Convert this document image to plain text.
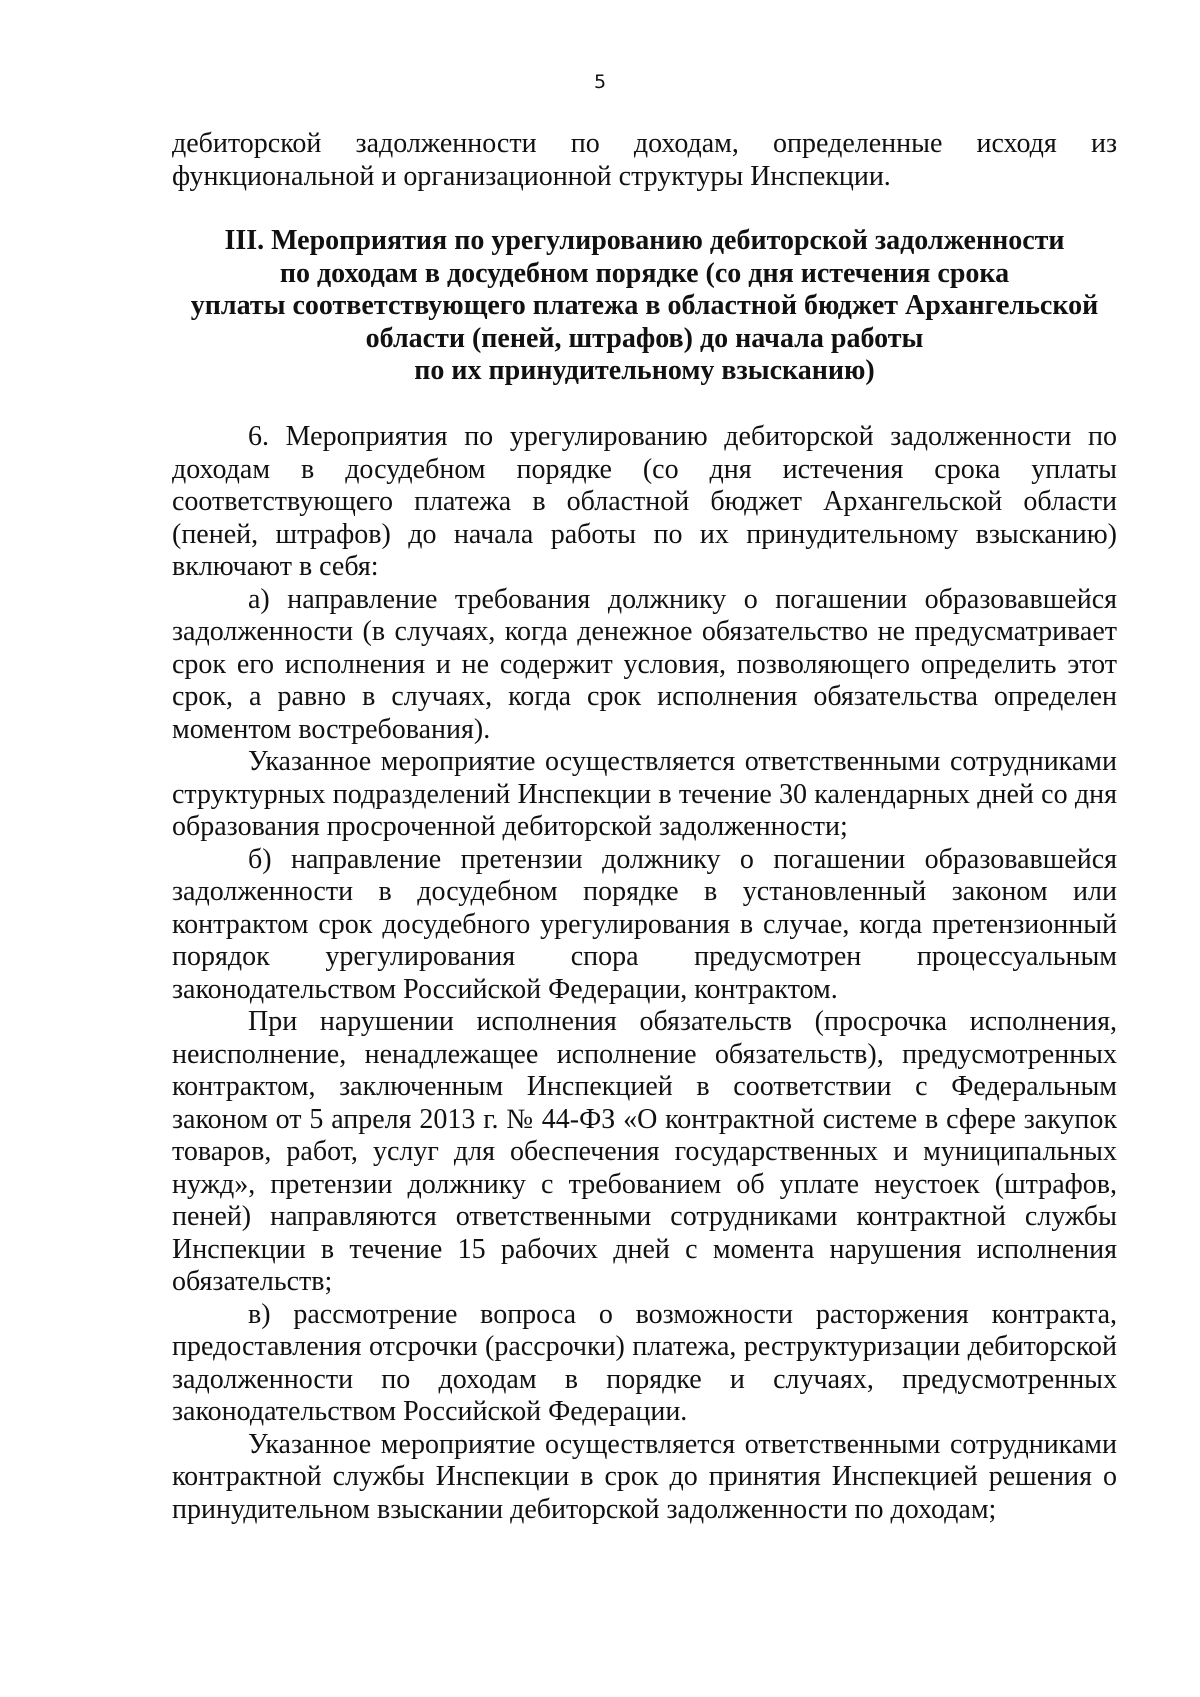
5

дебиторской задолженности по доходам, определенные исходя из функциональной и организационной структуры Инспекции.

III. Мероприятия по урегулированию дебиторской задолженности
по доходам в досудебном порядке (со дня истечения срока
уплаты соответствующего платежа в областной бюджет Архангельской
области (пеней, штрафов) до начала работы
по их принудительному взысканию)

6. Мероприятия по урегулированию дебиторской задолженности по доходам в досудебном порядке (со дня истечения срока уплаты соответствующего платежа в областной бюджет Архангельской области (пеней, штрафов) до начала работы по их принудительному взысканию) включают в себя:

а) направление требования должнику о погашении образовавшейся задолженности (в случаях, когда денежное обязательство не предусматривает срок его исполнения и не содержит условия, позволяющего определить этот срок, а равно в случаях, когда срок исполнения обязательства определен моментом востребования).

Указанное мероприятие осуществляется ответственными сотрудниками структурных подразделений Инспекции в течение 30 календарных дней со дня образования просроченной дебиторской задолженности;

б) направление претензии должнику о погашении образовавшейся задолженности в досудебном порядке в установленный законом или контрактом срок досудебного урегулирования в случае, когда претензионный порядок урегулирования спора предусмотрен процессуальным законодательством Российской Федерации, контрактом.

При нарушении исполнения обязательств (просрочка исполнения, неисполнение, ненадлежащее исполнение обязательств), предусмотренных контрактом, заключенным Инспекцией в соответствии с Федеральным законом от 5 апреля 2013 г. № 44-ФЗ «О контрактной системе в сфере закупок товаров, работ, услуг для обеспечения государственных и муниципальных нужд», претензии должнику с требованием об уплате неустоек (штрафов, пеней) направляются ответственными сотрудниками контрактной службы Инспекции в течение 15 рабочих дней с момента нарушения исполнения обязательств;

в) рассмотрение вопроса о возможности расторжения контракта, предоставления отсрочки (рассрочки) платежа, реструктуризации дебиторской задолженности по доходам в порядке и случаях, предусмотренных законодательством Российской Федерации.

Указанное мероприятие осуществляется ответственными сотрудниками контрактной службы Инспекции в срок до принятия Инспекцией решения о принудительном взыскании дебиторской задолженности по доходам;
